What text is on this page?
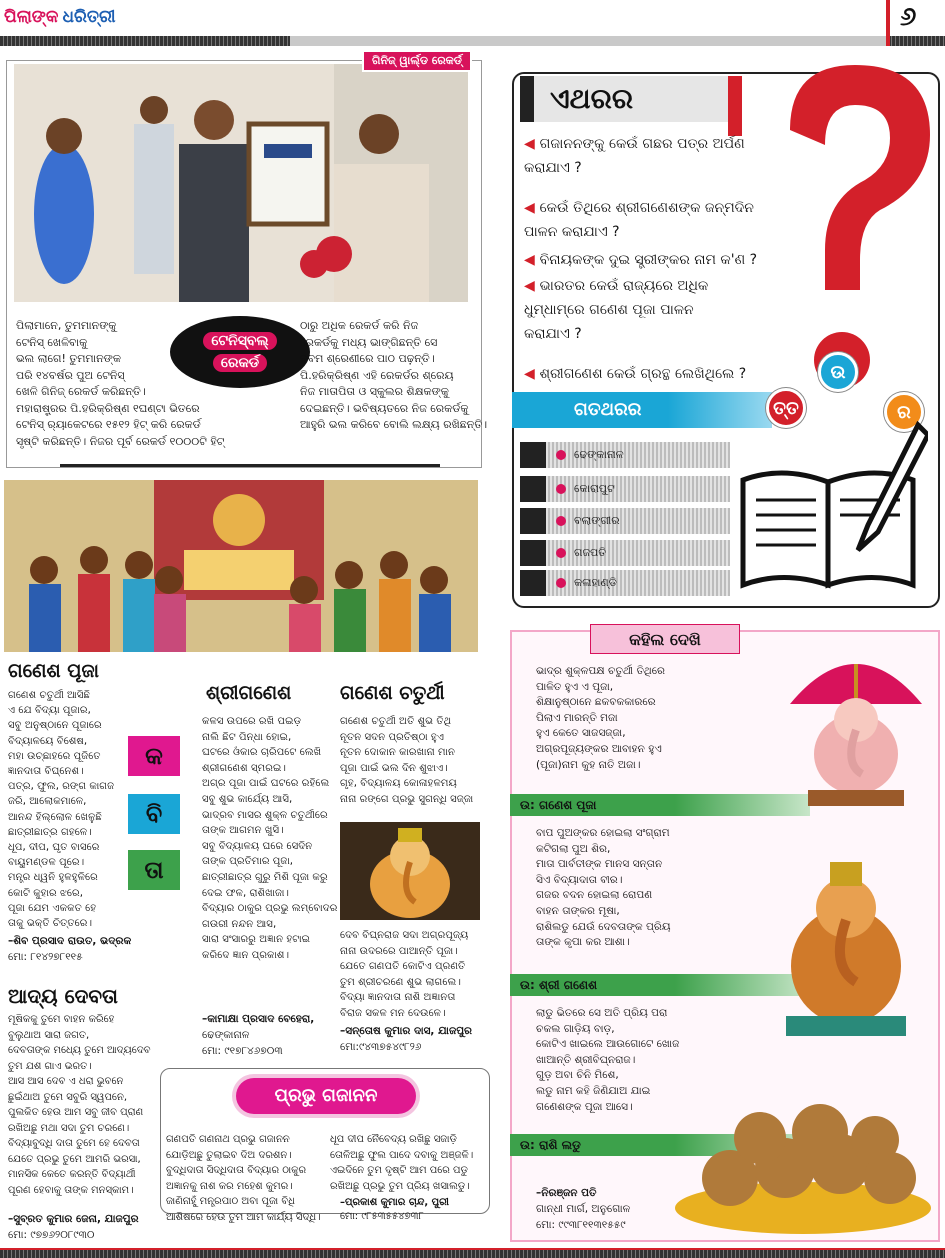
ପିଲାଙ୍କ ଧରିତ୍ରୀ	୬
ଗିନିଜ୍ ୱାର୍ଲ୍ଡ ରେକର୍ଡ୍
ଟେନିସ୍‌ବଲ୍‌
ରେକର୍ଡ
ପିଲାମାନେ, ତୁମମାନଙ୍କୁ
ଟେନିସ୍ ଖେଳିବାକୁ
ଭଲ ଲାଗେ! ତୁମମାନଙ୍କ
ପରି ୧୪ବର୍ଷର ପୁଅ ଟେନିସ୍
ଖେଳି ଗିନିଜ୍ ରେକର୍ଡ କରିଛନ୍ତି।
ମହାରାଷ୍ଟ୍ରର ପି.ହରିକ୍ରିଷ୍ଣ ୧ଘଣ୍ଟା ଭିତରେ
ଟେନିସ୍ ର‍୍ୟାକେଟରେ ୧୫୧୨ ହିଟ୍ କରି ରେକର୍ଡ
ସୃଷ୍ଟି କରିଛନ୍ତି। ନିଜର ପୂର୍ବ ରେକର୍ଡ ୧୦୦୦ଟି ହିଟ୍
ଠାରୁ ଅଧିକ ରେକର୍ଡ କରି ନିଜ
ରେକର୍ଡକୁ ମଧ୍ୟ ଭାଙ୍ଗିଛନ୍ତି ସେ
ନବମ ଶ୍ରେଣୀରେ ପାଠ ପଢ଼ନ୍ତି।
ପି.ହରିକ୍ରିଷ୍ଣ ଏହି ରେକର୍ଡର ଶ୍ରେୟ
ନିଜ ମାତାପିତା ଓ ସ୍କୁଲର ଶିକ୍ଷକଙ୍କୁ
ଦେଇଛନ୍ତି। ଭବିଷ୍ୟତରେ ନିଜ ରେକର୍ଡକୁ
ଆହୁରି ଭଲ କରିବେ ବୋଲି ଲକ୍ଷ୍ୟ ରଖିଛନ୍ତି।
ଏଥରର
◀ ଗଜାନନଙ୍କୁ କେଉଁ ଗଛର ପତ୍ର ଅର୍ପଣ
କରାଯାଏ ?
◀ କେଉଁ ତିଥିରେ ଶ୍ରୀଗଣେଶଙ୍କ ଜନ୍ମଦିନ
ପାଳନ କରାଯାଏ ?
◀ ବିନାୟକଙ୍କ ଦୁଇ ସ୍ତ୍ରୀଙ୍କର ନାମ କ'ଣ ?
◀ ଭାରତର କେଉଁ ରାଜ୍ୟରେ ଅଧିକ
ଧୁମ୍‌ଧାମ୍‌ରେ ଗଣେଶ ପୂଜା ପାଳନ
କରାଯାଏ ?
◀ ଶ୍ରୀଗଣେଶ କେଉଁ ଗ୍ରନ୍ଥ ଲେଖିଥିଲେ ?
ଗତଥରର
ଉ
ତ୍ତ	ର
ଢେଙ୍କାନାଳ
କୋରାପୁଟ
ବଲାଙ୍ଗୀର
ଗଜପତି
କଳାହାଣ୍ଡି
ଗଣେଶ ପୂଜା
ଗଣେଶ ଚତୁର୍ଥୀ ଆସିଛି
ଏ ଯେ ବିଦ୍ୟା ପୂଜାର,
ସବୁ ଅନୁଷ୍ଠାନେ ପୂଜାରେ
ବିଦ୍ୟାଳୟେ ବିଶେଷ,
ମହା ଉଚ୍ଛାହରେ ପୂଜିତେ
ଜ୍ଞାନଦାତା ବିଘ୍ନେଶ।
ପତ୍ର, ଫୁଲ, ରଙ୍ଗ କାଗଜ
ଜରି, ଆଲୋକମାଳେ,
ଆନନ୍ଦ ହିଲ୍ଲୋଳ ଖେଳୁଛି
ଛାତ୍ରୀଛାତ୍ର ଗହଳେ।
ଧୂପ, ଦୀପ, ଘୃତ ବାସରେ
ବାୟୁମଣ୍ଡଳ ପୂରେ।
ମନ୍ତ୍ର ଧ୍ୱନି ହୁଳହୁଳିରେ
କୋଟି କୁହାର ଝରେ,
ପୂଜା ଯେମ ଏକକତ ହେ
ତାକୁ ଭକ୍ତି ଚିତ୍ତରେ।
–ଶିବ ପ୍ରସାଦ ରାଉତ, ଭଦ୍ରକ
ମୋ: ୮୧୪୨୭୮୧୧୫
କ
ବି
ତା
ଶ୍ରୀଗଣେଶ
କଳସ ଉପରେ ରଖି ପଇଡ଼
ନାଲି ଛିଟ ପିନ୍ଧା ହୋଇ,
ଘଟରେ ଓଁକାର ଚାରିପଟେ ଲେଖି
ଶ୍ରୀଗଣେଶ ସ୍ମରଇ।
ଅଗ୍ର ପୂଜା ପାଇଁ ଘଟରେ ରହିଲେ
ସବୁ ଶୁଭ କାର୍ଯ୍ୟେ ଆସି,
ଭାଦ୍ରବ ମାସର ଶୁକ୍ଳ ଚତୁର୍ଥୀରେ
ତାଙ୍କ ଆଗମନ ଖୁସି।
ସବୁ ବିଦ୍ୟାଳୟ ଘରେ ସେଦିନ
ତାଙ୍କ ପ୍ରତିମାର ପୂଜା,
ଛାତ୍ରୀଛାତ୍ର ଗୁରୁ ମିଶି ପୂଜା କରୁ
ଦେଇ ଫଳ, ରାଶିଖାଜା।
ବିଦ୍ୟାର ଠାକୁର ପ୍ରଭୁ ଲମ୍ବୋଦର
ଗଉରୀ ନନ୍ଦନ ଆସ,
ସାରା ସଂସାରରୁ ଅଜ୍ଞାନ ହଟାଇ
କରିଦେ ଜ୍ଞାନ ପ୍ରକାଶ।
–କାମାକ୍ଷା ପ୍ରସାଦ ବେହେରା,
ଢେଙ୍କାନାଳ
ମୋ: ୯୧୭୮୪୬୭୦୩
ଗଣେଶ ଚତୁର୍ଥୀ
ଗଣେଶ ଚତୁର୍ଥୀ ଅତି ଶୁଭ ତିଥି
ନୂତନ ସଦନ ପ୍ରତିଷ୍ଠା ହୁଏ
ନୂତନ ଦୋକାନ କାରଖାନା ମାନ
ପୂଜା ପାଇଁ ଭଲ ଦିନ ଶୁଝାଏ।
ଗୃହ, ବିଦ୍ୟାଳୟ କୋଳାହଳମୟ
ନାନା ରଙ୍ଗେ ପ୍ରଭୁ ସୁଗନ୍ଧି ସଜ୍ଜା
ଦେବ ବିଘ୍ନରାଜ ସଦା ଅଗ୍ରପୂଜ୍ୟ
ନାନା ଉଦରରେ ପାଆନ୍ତି ପୂଜା।
ଯେତେ ଗଣପତି କୋଟିଏ ପ୍ରଣତି
ତୁମ ଶ୍ରୀଚରଣେ ଶୁଭ ଲାଗଲେ।
ବିଦ୍ୟା ଜ୍ଞାନଦାତା ନାଶି ଅଜ୍ଞାନତା
ବିରାଜ ସକଳ ମନ ଦେଉଳେ।
–ସନ୍ତୋଷ କୁମାର ଦାସ, ଯାଜପୁର
ମୋ:୯୪୩୭୫୪୯୮୨୬
ଆଦ୍ୟ ଦେବତା
ମୂଷିକକୁ ତୁମେ ବାହନ କରିହେ
ବୁଲୁଥାଅ ସାରା ଜଗତ,
ଦେବତାଙ୍କ ମଧ୍ୟେ ତୁମେ ଆଦ୍ୟଦେବ
ତୁମ ଯଶ ଗାଏ ଭରତ।
ଆସ ଆସ ଦେବ ଏ ଧରା ଭୁବନେ
ଛୁଇଁଥାଅ ତୁମେ ସବୁରି ସ୍ୱପନେ,
ପୁଲକିତ ହେଉ ଆମ ସବୁ ଜୀବ ପ୍ରାଣ
ରଖିଅଛୁ ମଥା ସଦା ତୁମ ଚରଣେ।
ବିଦ୍ୟାବୁଦ୍ଧି ଦାତା ତୁମେ ହେ ଦେବତା
ଯେତେ ପ୍ରଭୁ ତୁମେ ଆମରି ଭରସା,
ମାନସିକ କେତେ କରନ୍ତି ବିଦ୍ୟାର୍ଥୀ
ପୂରଣ ହେବାକୁ ତାଙ୍କ ମନସ୍କାମ।
–ସୁବ୍ରତ କୁମାର ଜେନା, ଯାଜପୁର
ମୋ: ୯୭୭୬୨୦୮୯୩୦
ପ୍ରଭୁ ଗଜାନନ
ଗଣପତି ଗଣନାଥ ପ୍ରଭୁ ଗଜାନନ
ଯୋଡ଼ିଅଛୁ ତୁଲାଇବ ଦିଅ ଦରଶନ।
ବୁଦ୍ଧିଦାତା ସିଦ୍ଧିଦାତା ବିଦ୍ୟାର ଠାକୁର
ଅଜ୍ଞାନକୁ ନାଶ କର ମହେଶ କୁମର।
ଜାଣିନାହୁଁ ମନ୍ତ୍ରପାଠ ଅବା ପୂଜା ବିଧି
ଆଶିଷରେ ହେଉ ତୁମ ଆମ କାର୍ଯ୍ୟ ସିଦ୍ଧି।
ଧୂପ ଦୀପ ନୈବେଦ୍ୟ ରଖିଛୁ ସଜାଡ଼ି
ତୋଳିଅଛୁ ଫୁଲ ପାଦେ ଦବାକୁ ଅଞ୍ଜଳି।
ଏଇଦିନେ ତୁମ ଦୃଷ୍ଟି ଆମ ପରେ ପଡୁ
ରଖିଅଛୁ ପ୍ରଭୁ ତୁମ ପ୍ରିୟ ଖସାଲଡୁ।
–ପ୍ରକାଶ କୁମାର ଚାନ୍ଦ, ପୁରୀ
ମୋ: ୯୮୫୩୫୫୪୭୩୮
କହିଲ ଦେଖି
ଭାଦ୍ର ଶୁକ୍ଳପକ୍ଷ ଚତୁର୍ଥୀ ତିଥିରେ
ପାଳିତ ହୁଏ ଏ ପୂଜା,
ଶିକ୍ଷାନୁଷ୍ଠାନେ ଛକବକକାରରେ
ପିଲାଏ ମାରନ୍ତି ମଜା
ହୁଏ କେତେ ସାଜସଜ୍ଜା,
ଅଗ୍ରପୂଜ୍ୟଙ୍କର ଆବାହନ ହୁଏ
(ପୂଜା)ନାମ କୁହ ନାତି ଅଜା।
ଉ: ଗଣେଶ ପୂଜା
ବାପ ପୁଅଙ୍କର ହୋଇଲା ସଂଗ୍ରାମ
କଟିଗଲା ପୁଅ ଶିର,
ମାତା ପାର୍ବତୀଙ୍କ ମାନସ ସନ୍ତାନ
ସିଏ ବିଦ୍ୟାଦାତା ବୀର।
ଗଜର ବଦନ ହୋଇଲା ରୋପଣ
ବାହନ ତାଙ୍କର ମୂଷା,
ରାଶିଲଡୁ ଯେଉଁ ଦେବତାଙ୍କ ପ୍ରିୟ
ତାଙ୍କ କୃପା କର ଆଶା।
ଉ: ଶ୍ରୀ ଗଣେଶ
ଲାଡୁ ଭିତରେ ସେ ଅତି ପ୍ରିୟ ପରା
ଚକଲ ଗାଡ଼ିୟ ବାଡ଼,
କୋଟିଏ ଖାଇଲେ ଆଉଗୋଟେ ଖୋଜ
ଖାଆନ୍ତି ଶ୍ରୀବିଘ୍ନରାଜ।
ଗୁଡ଼ ଅବା ଚିନି ମିଶେ,
ଲଡୁ ନାମ କହି ଜିଣିଯାଅ ଯାଇ
ଗଣେଶଙ୍କ ପୂଜା ଆସେ।
ଉ: ରାଶି ଲଡୁ
–ନିରଞ୍ଜନ ପତି
ଗାନ୍ଧୀ ମାର୍ଗ, ଅନୁଗୋଳ
ମୋ: ୯୯୩୮୧୧୩୧୫୫୯
